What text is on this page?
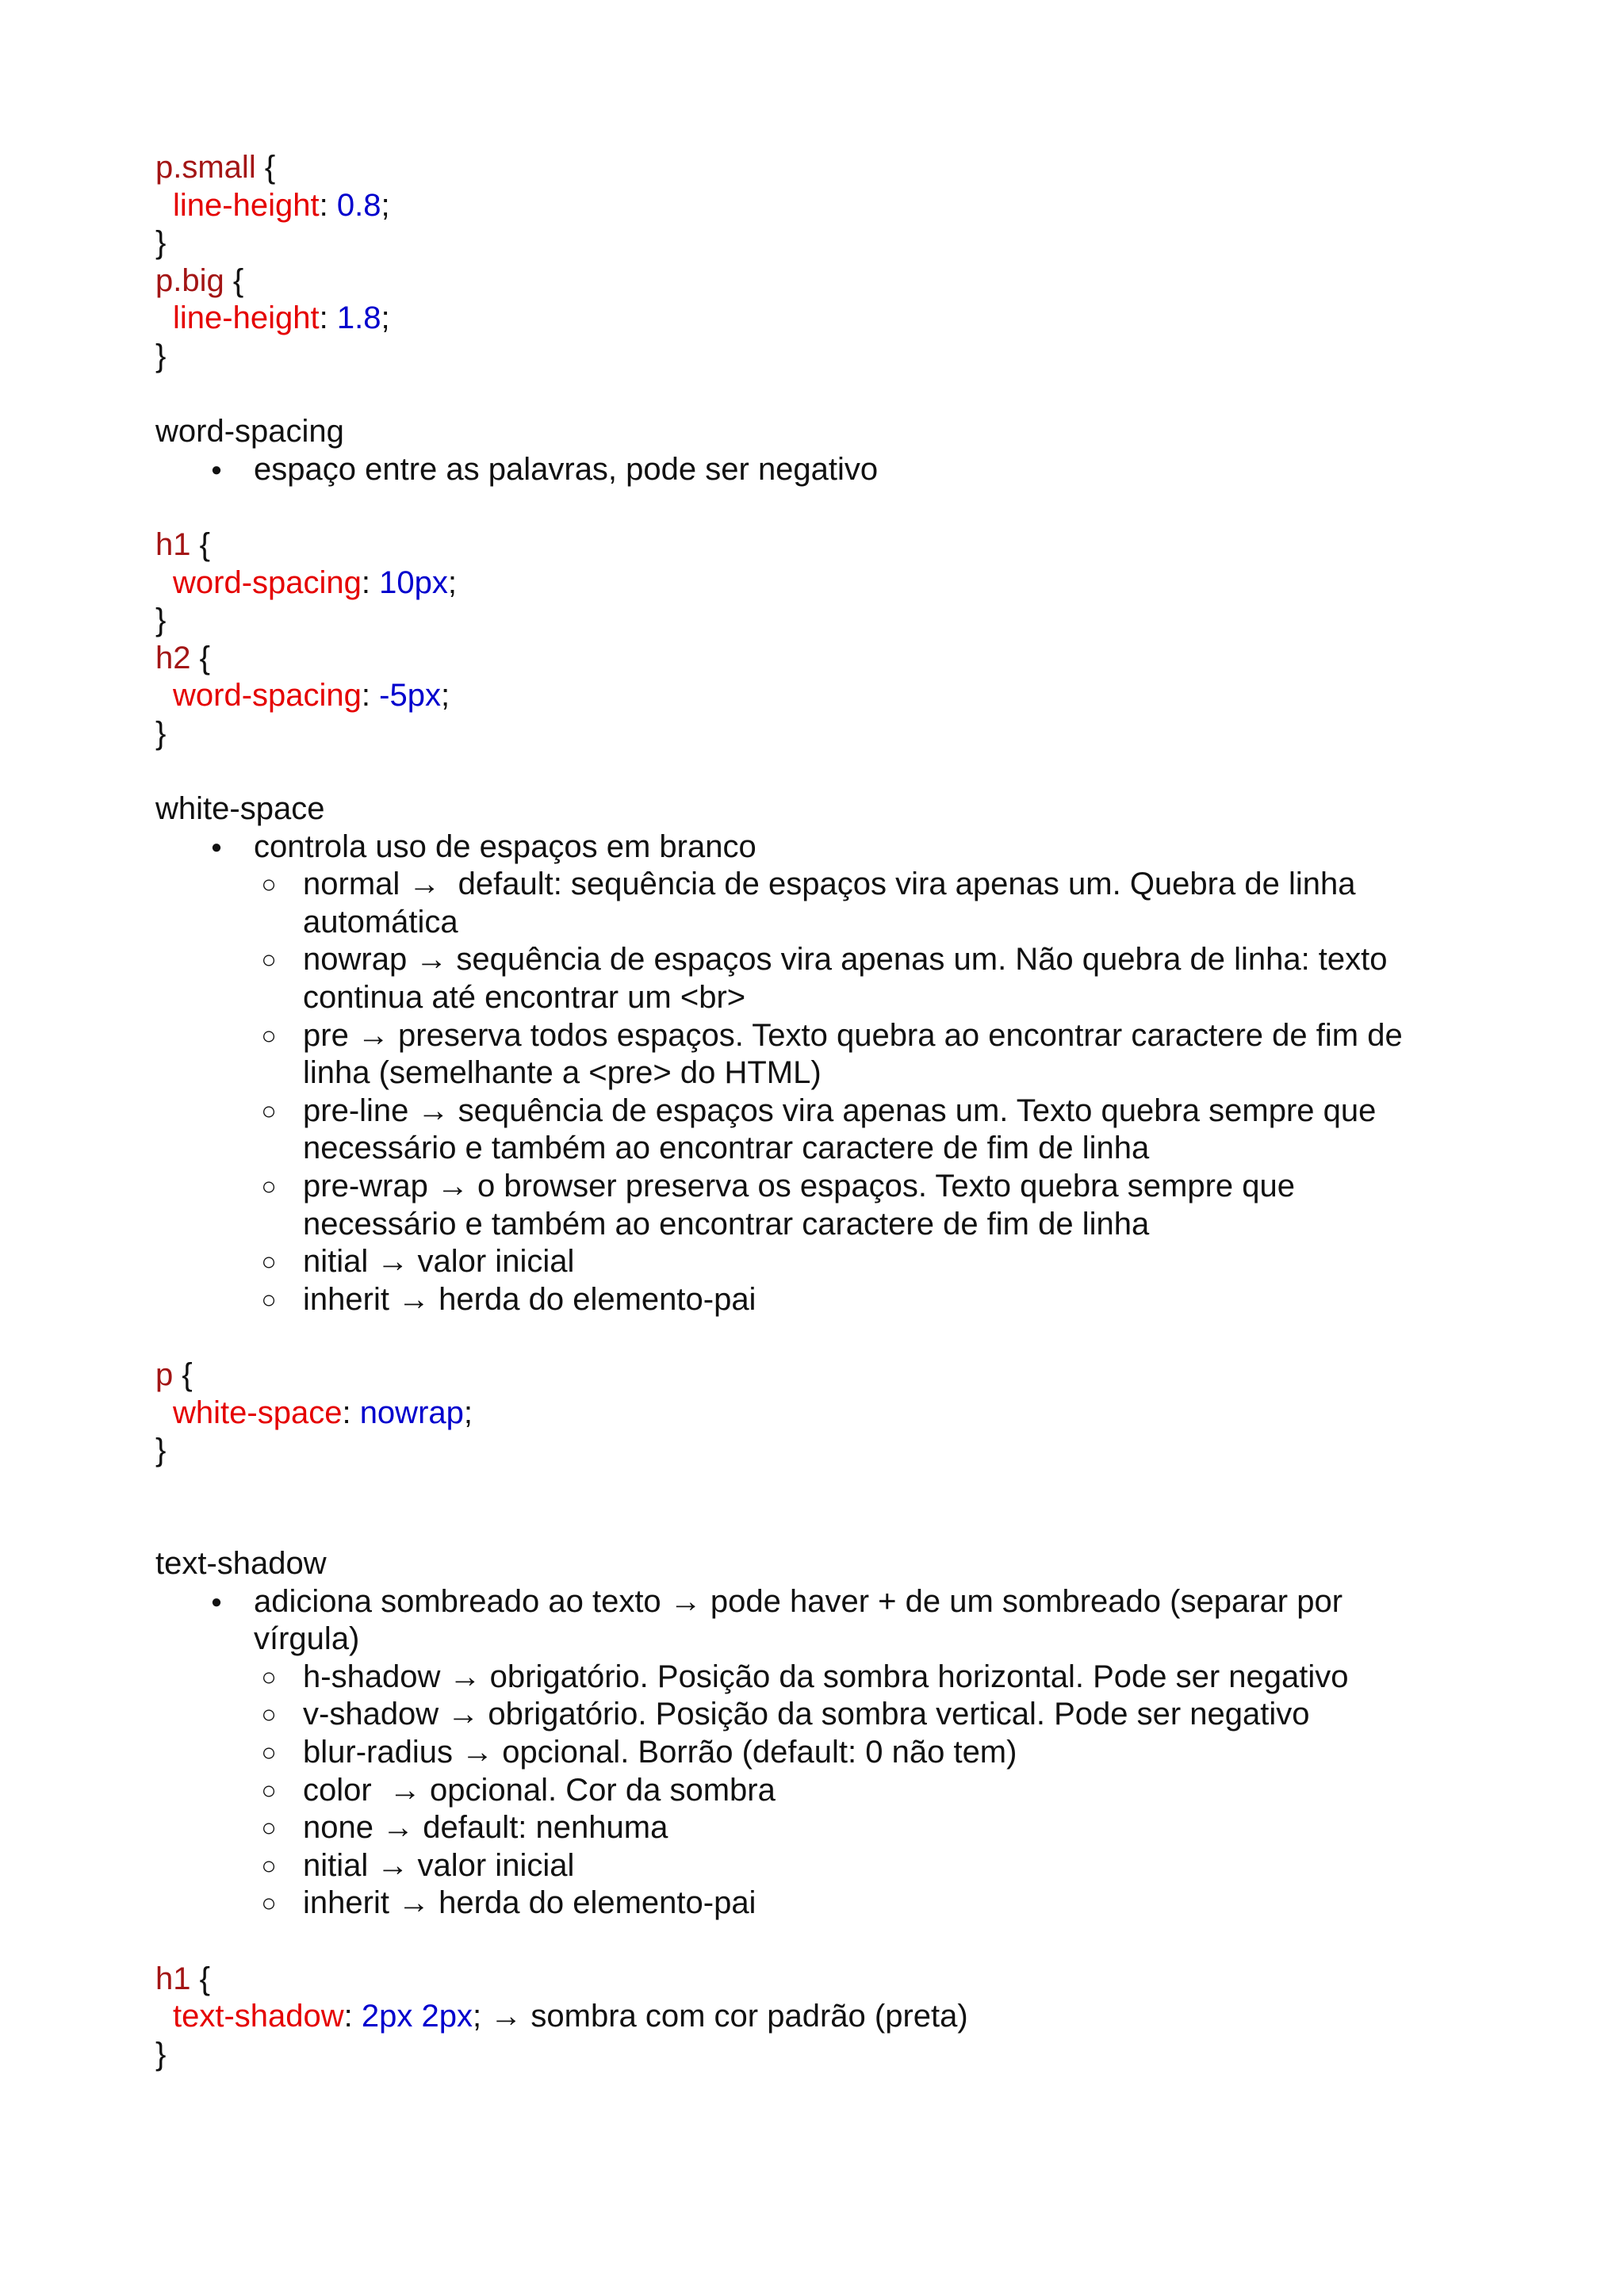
p.small {
line-height: 0.8;
}
p.big {
line-height: 1.8;
}
word-spacing
● espaço entre as palavras, pode ser negativo
h1 {
word-spacing: 10px;
}
h2 {
word-spacing: -5px;
}
white-space
● controla uso de espaços em branco
○ normal →  default: sequência de espaços vira apenas um. Quebra de linha
automática
○ nowrap → sequência de espaços vira apenas um. Não quebra de linha: texto
continua até encontrar um <br>
○ pre → preserva todos espaços. Texto quebra ao encontrar caractere de fim de
linha (semelhante a <pre> do HTML)
○ pre-line → sequência de espaços vira apenas um. Texto quebra sempre que
necessário e também ao encontrar caractere de fim de linha
○ pre-wrap → o browser preserva os espaços. Texto quebra sempre que
necessário e também ao encontrar caractere de fim de linha
○ nitial → valor inicial
○ inherit → herda do elemento-pai
p {
white-space: nowrap;
}
text-shadow
● adiciona sombreado ao texto → pode haver + de um sombreado (separar por
vírgula)
○ h-shadow → obrigatório. Posição da sombra horizontal. Pode ser negativo
○ v-shadow → obrigatório. Posição da sombra vertical. Pode ser negativo
○ blur-radius → opcional. Borrão (default: 0 não tem)
○ color  → opcional. Cor da sombra
○ none → default: nenhuma
○ nitial → valor inicial
○ inherit → herda do elemento-pai
h1 {
text-shadow: 2px 2px; → sombra com cor padrão (preta)
}
